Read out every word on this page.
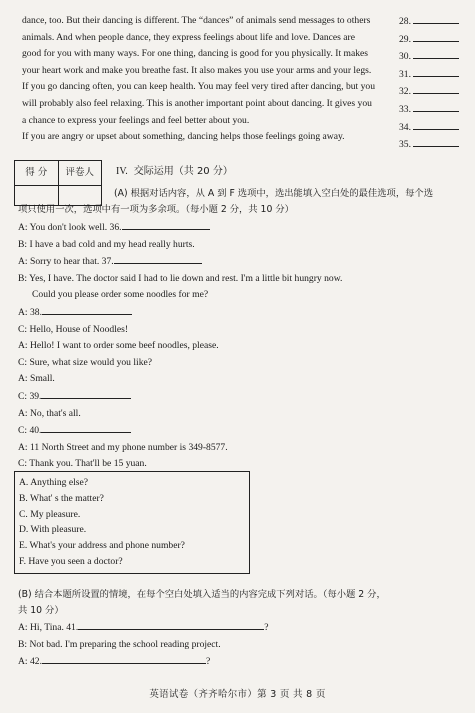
dance, too. But their dancing is different. The “dances” of animals send messages to others
animals. And when people dance, they express feelings about life and love. Dances are
good for you with many ways. For one thing, dancing is good for you physically. It makes
your heart work and make you breathe fast. It also makes you use your arms and your legs.
If you go dancing often, you can keep health. You may feel very tired after dancing, but you
will probably also feel relaxing. This is another important point about dancing. It gives you
a chance to express your feelings and feel better about you.
If you are angry or upset about something, dancing helps those feelings going away.
28.
29.
30.
31.
32.
33.
34.
35.
得 分	评卷人	IV. 交际运用（共 20 分）
(A) 根据对话内容，从 A 到 F 选项中，选出能填入空白处的最佳选项，每个选
项只使用一次，选项中有一项为多余项。（每小题 2 分，共 10 分）
A: You don't look well. 36.
B: I have a bad cold and my head really hurts.
A: Sorry to hear that. 37.
B: Yes, I have. The doctor said I had to lie down and rest. I'm a little bit hungry now.
Could you please order some noodles for me?
A: 38.
C: Hello, House of Noodles!
A: Hello! I want to order some beef noodles, please.
C: Sure, what size would you like?
A: Small.
C: 39.
A: No, that's all.
C: 40.
A: 11 North Street and my phone number is 349-8577.
C: Thank you. That'll be 15 yuan.
A. Anything else?
B. What' s the matter?
C. My pleasure.
D. With pleasure.
E. What's your address and phone number?
F. Have you seen a doctor?
(B) 结合本题所设置的情境，在每个空白处填入适当的内容完成下列对话。（每小题 2 分，
共 10 分）
A: Hi, Tina. 41.	?
B: Not bad. I'm preparing the school reading project.
A: 42.	?
英语试卷（齐齐哈尔市）第 3 页 共 8 页
